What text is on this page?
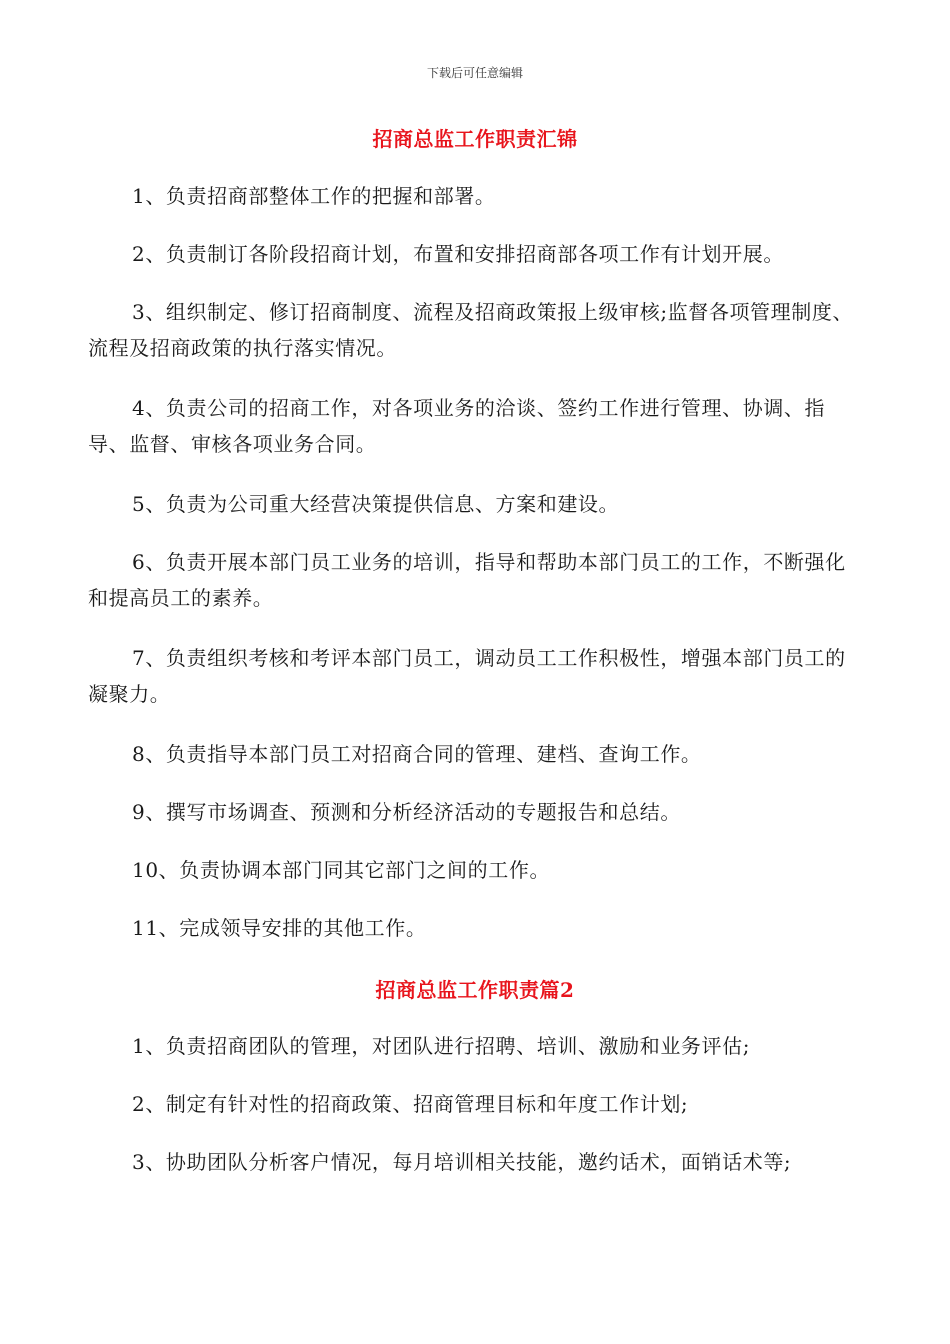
下载后可任意编辑
招商总监工作职责汇锦

1、负责招商部整体工作的把握和部署。

2、负责制订各阶段招商计划，布置和安排招商部各项工作有计划开展。

3、组织制定、修订招商制度、流程及招商政策报上级审核;监督各项管理制度、流程及招商政策的执行落实情况。

4、负责公司的招商工作，对各项业务的洽谈、签约工作进行管理、协调、指导、监督、审核各项业务合同。

5、负责为公司重大经营决策提供信息、方案和建设。

6、负责开展本部门员工业务的培训，指导和帮助本部门员工的工作，不断强化和提高员工的素养。

7、负责组织考核和考评本部门员工，调动员工工作积极性，增强本部门员工的凝聚力。

8、负责指导本部门员工对招商合同的管理、建档、查询工作。

9、撰写市场调查、预测和分析经济活动的专题报告和总结。

10、负责协调本部门同其它部门之间的工作。

11、完成领导安排的其他工作。

招商总监工作职责篇2

1、负责招商团队的管理，对团队进行招聘、培训、激励和业务评估;

2、制定有针对性的招商政策、招商管理目标和年度工作计划;

3、协助团队分析客户情况，每月培训相关技能，邀约话术，面销话术等;
